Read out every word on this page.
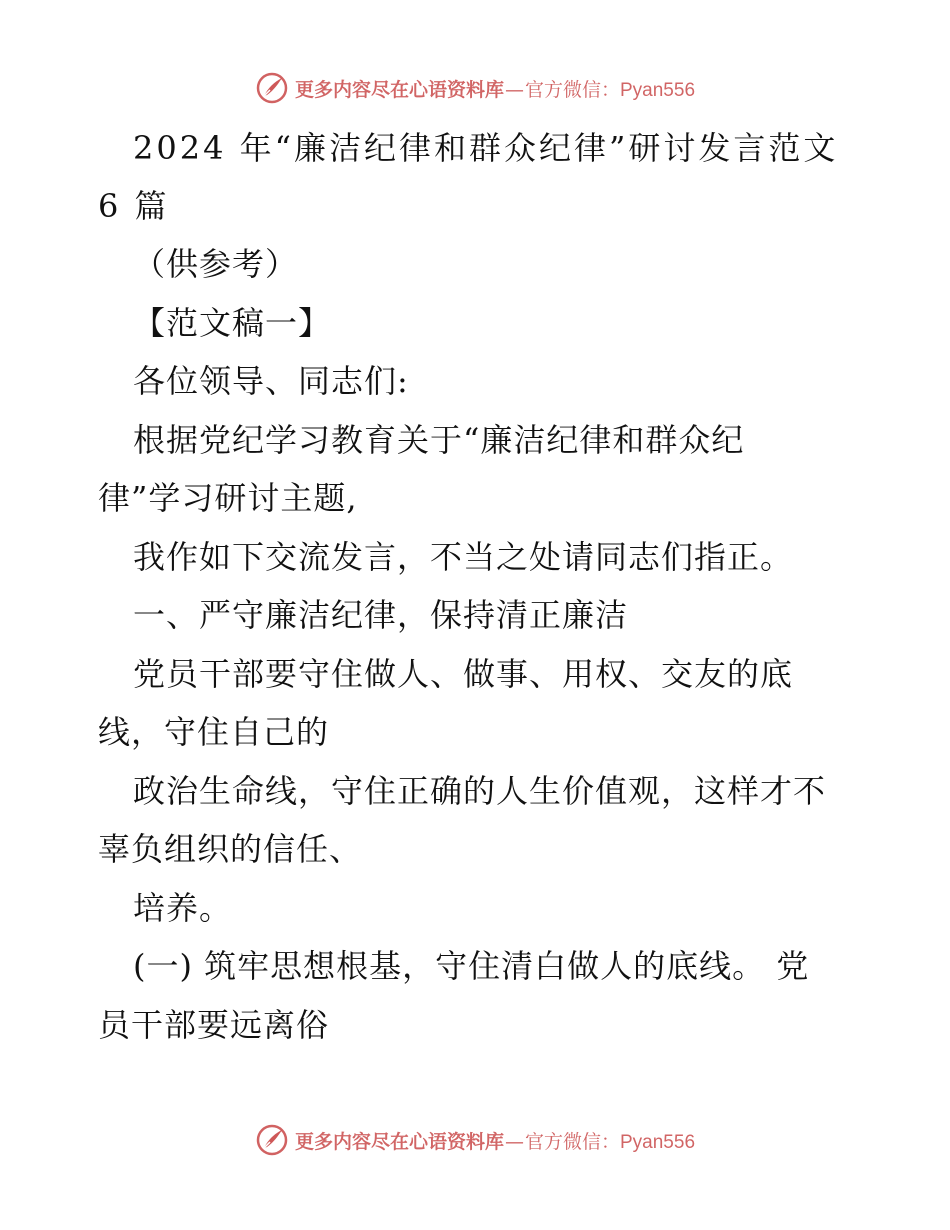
更多内容尽在心语资料库—官方微信：Pyan556
2024 年“廉洁纪律和群众纪律”研讨发言范文
6 篇
（供参考）
【范文稿一】
各位领导、同志们:
根据党纪学习教育关于“廉洁纪律和群众纪
律”学习研讨主题,
我作如下交流发言，不当之处请同志们指正。
一、严守廉洁纪律，保持清正廉洁
党员干部要守住做人、做事、用权、交友的底
线，守住自己的
政治生命线，守住正确的人生价值观，这样才不
辜负组织的信任、
培养。
(一) 筑牢思想根基，守住清白做人的底线。 党
员干部要远离俗
更多内容尽在心语资料库—官方微信：Pyan556
